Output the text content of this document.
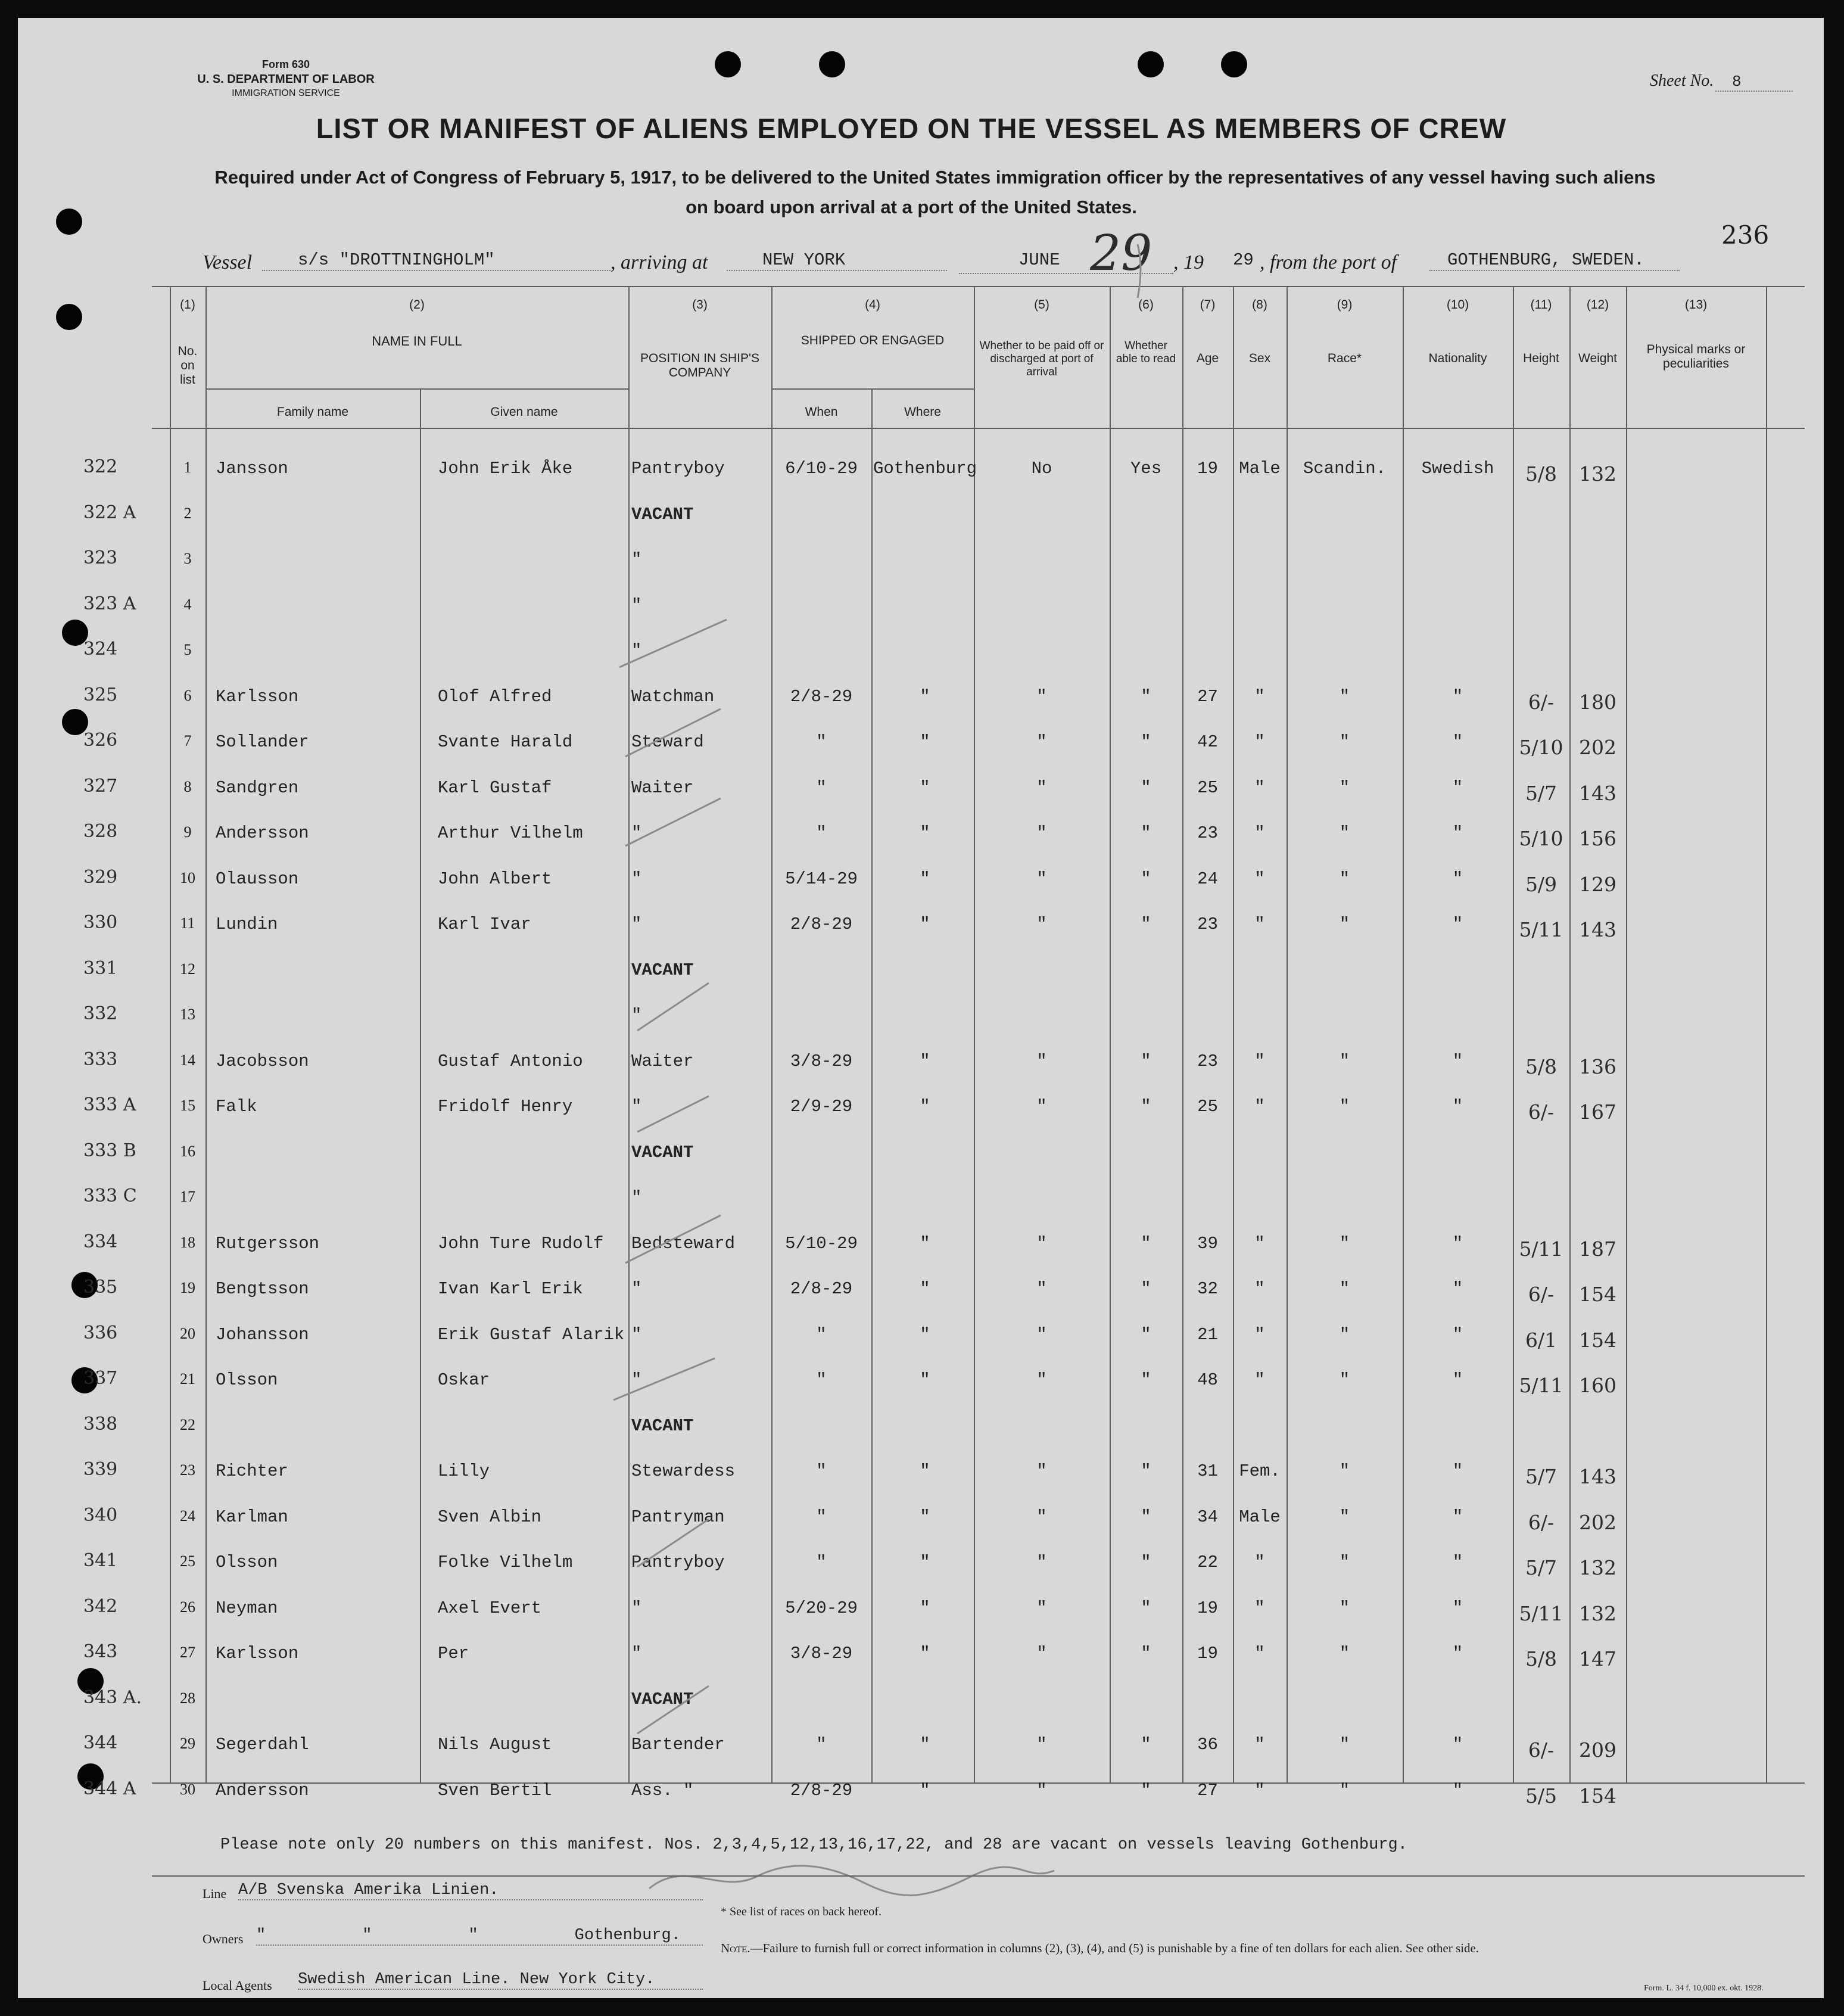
Form 630
U. S. DEPARTMENT OF LABOR
IMMIGRATION SERVICE
Sheet No.	8
LIST OR MANIFEST OF ALIENS EMPLOYED ON THE VESSEL AS MEMBERS OF CREW
Required under Act of Congress of February 5, 1917, to be delivered to the United States immigration officer by the representatives of any vessel having such aliens
on board upon arrival at a port of the United States.
236
Vessel	s/s "DROTTNINGHOLM"	, arriving at	NEW YORK	JUNE 29 , 19 29 , from the port of	GOTHENBURG, SWEDEN.
(1)
No. on list
(2)
NAME IN FULL
Family name	Given name
(3)
POSITION IN SHIP'S COMPANY
(4)
SHIPPED OR ENGAGED
When	Where
(5)
Whether to be paid off or discharged at port of arrival
(6)
Whether able to read
(7)
Age
(8)
Sex
(9)
Race*
(10)
Nationality
(11)
Height
(12)
Weight
(13)
Physical marks or peculiarities
322	1	Jansson	John Erik Åke	Pantryboy	6/10-29 Gothenburg	No	Yes	19	Male	Scandin.	Swedish	5/8	132
322 A	2	VACANT
323	3	"
323 A	4	"
324	5	"
325	6	Karlsson	Olof Alfred	Watchman	2/8-29	"	"	"	27	"	"	"	6/-	180
326	7	Sollander	Svante Harald	Steward	"	"	"	"	42	"	"	"	5/10 202
327	8	Sandgren	Karl Gustaf	Waiter	"	"	"	"	25	"	"	"	5/7	143
328	9	Andersson	Arthur Vilhelm	"	"	"	"	"	23	"	"	"	5/10 156
329	10	Olausson	John Albert	"	5/14-29	"	"	"	24	"	"	"	5/9	129
330	11	Lundin	Karl Ivar	"	2/8-29	"	"	"	23	"	"	"	5/11 143
331	12	VACANT
332	13	"
333	14	Jacobsson	Gustaf Antonio	Waiter	3/8-29	"	"	"	23	"	"	"	5/8	136
333 A	15	Falk	Fridolf Henry	"	2/9-29	"	"	"	25	"	"	"	6/-	167
333 B	16	VACANT
333 C	17	"
334	18	Rutgersson	John Ture Rudolf	Bedsteward	5/10-29	"	"	"	39	"	"	"	5/11 187
335	19	Bengtsson	Ivan Karl Erik	"	2/8-29	"	"	"	32	"	"	"	6/-	154
336	20	Johansson	Erik Gustaf Alarik "	"	"	"	"	21	"	"	"	6/1	154
337	21	Olsson	Oskar	"	"	"	"	"	48	"	"	"	5/11 160
338	22	VACANT
339	23	Richter	Lilly	Stewardess	"	"	"	"	31	Fem.	"	"	5/7	143
340	24	Karlman	Sven Albin	Pantryman	"	"	"	"	34	Male	"	"	6/-	202
341	25	Olsson	Folke Vilhelm	Pantryboy	"	"	"	"	22	"	"	"	5/7	132
342	26	Neyman	Axel Evert	"	5/20-29	"	"	"	19	"	"	"	5/11 132
343	27	Karlsson	Per	"	3/8-29	"	"	"	19	"	"	"	5/8	147
343 A.	28	VACANT
344	29	Segerdahl	Nils August	Bartender	"	"	"	"	36	"	"	"	6/-	209
344 A	30	Andersson	Sven Bertil	Ass. "	2/8-29	"	"	"	27	"	"	"	5/5	154
Please note only 20 numbers on this manifest. Nos. 2,3,4,5,12,13,16,17,22, and 28 are vacant on vessels leaving Gothenburg.
Line A/B Svenska Amerika Linien.
Owners "          "          "          Gothenburg.
Local Agents Swedish American Line. New York City.
* See list of races on back hereof.
Note.—Failure to furnish full or correct information in columns (2), (3), (4), and (5) is punishable by a fine of ten dollars for each alien. See other side.
Form. L. 34 f. 10,000 ex. okt. 1928.
